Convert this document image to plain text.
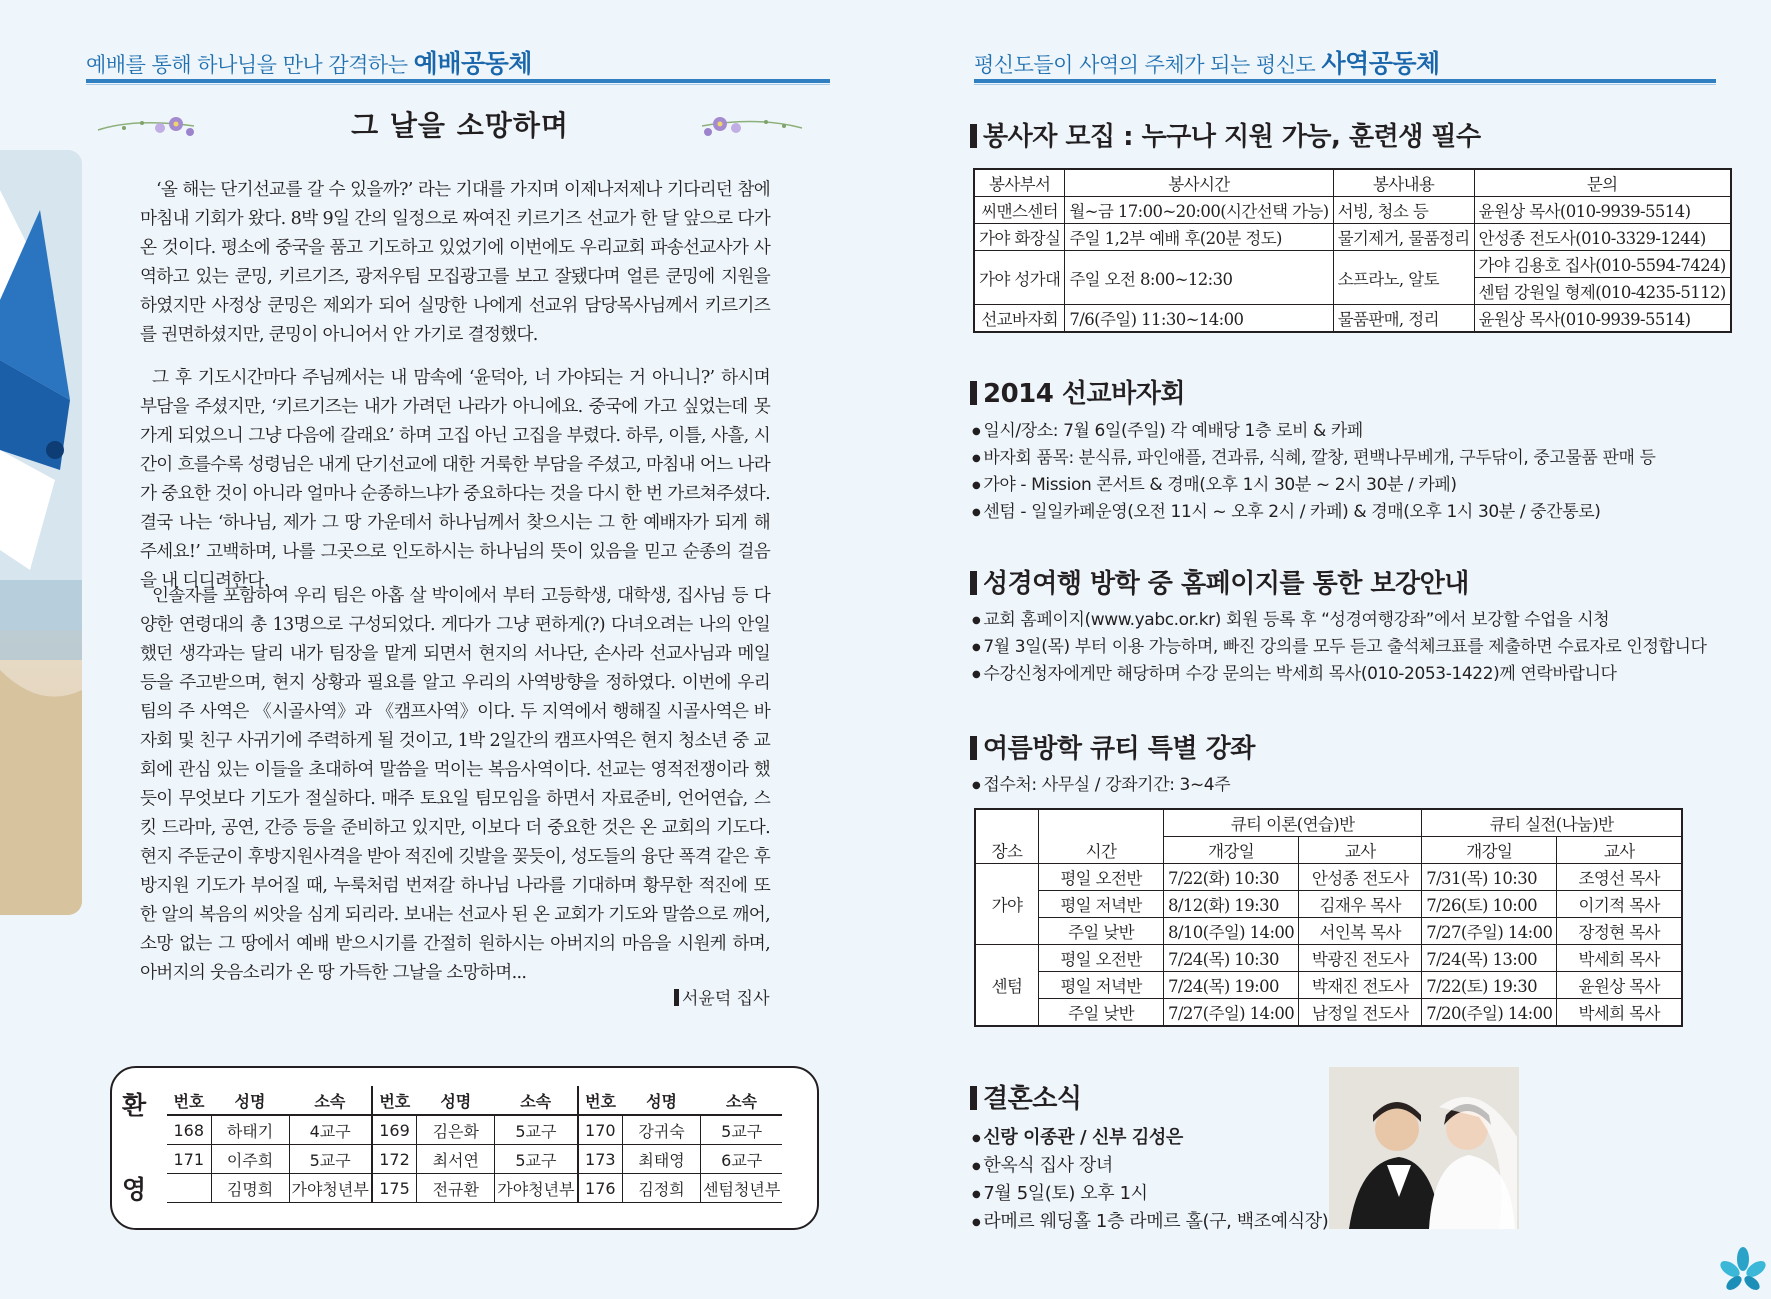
예배를 통해 하나님을 만나 감격하는 예배공동체	평신도들이 사역의 주체가 되는 평신도 사역공동체
그 날을 소망하며
‘올 해는 단기선교를 갈 수 있을까?’ 라는 기대를 가지며 이제나저제나 기다리던 참에 마침내 기회가 왔다. 8박 9일 간의 일정으로 짜여진 키르기즈 선교가 한 달 앞으로 다가온 것이다. 평소에 중국을 품고 기도하고 있었기에 이번에도 우리교회 파송선교사가 사역하고 있는 쿤밍, 키르기즈, 광저우팀 모집광고를 보고 잘됐다며 얼른 쿤밍에 지원을 하였지만 사정상 쿤밍은 제외가 되어 실망한 나에게 선교위 담당목사님께서 키르기즈를 권면하셨지만, 쿤밍이 아니어서 안 가기로 결정했다.
그 후 기도시간마다 주님께서는 내 맘속에 ‘윤덕아, 너 가야되는 거 아니니?’ 하시며 부담을 주셨지만, ‘키르기즈는 내가 가려던 나라가 아니에요. 중국에 가고 싶었는데 못 가게 되었으니 그냥 다음에 갈래요’ 하며 고집 아닌 고집을 부렸다. 하루, 이틀, 사흘, 시간이 흐를수록 성령님은 내게 단기선교에 대한 거룩한 부담을 주셨고, 마침내 어느 나라가 중요한 것이 아니라 얼마나 순종하느냐가 중요하다는 것을 다시 한 번 가르쳐주셨다. 결국 나는 ‘하나님, 제가 그 땅 가운데서 하나님께서 찾으시는 그 한 예배자가 되게 해 주세요!’ 고백하며, 나를 그곳으로 인도하시는 하나님의 뜻이 있음을 믿고 순종의 걸음을 내 디디려한다.
인솔자를 포함하여 우리 팀은 아홉 살 박이에서 부터 고등학생, 대학생, 집사님 등 다양한 연령대의 총 13명으로 구성되었다. 게다가 그냥 편하게(?) 다녀오려는 나의 안일했던 생각과는 달리 내가 팀장을 맡게 되면서 현지의 서나단, 손사라 선교사님과 메일 등을 주고받으며, 현지 상황과 필요를 알고 우리의 사역방향을 정하였다. 이번에 우리 팀의 주 사역은 《시골사역》과 《캠프사역》이다. 두 지역에서 행해질 시골사역은 바자회 및 친구 사귀기에 주력하게 될 것이고, 1박 2일간의 캠프사역은 현지 청소년 중 교회에 관심 있는 이들을 초대하여 말씀을 먹이는 복음사역이다. 선교는 영적전쟁이라 했듯이 무엇보다 기도가 절실하다. 매주 토요일 팀모임을 하면서 자료준비, 언어연습, 스킷 드라마, 공연, 간증 등을 준비하고 있지만, 이보다 더 중요한 것은 온 교회의 기도다. 현지 주둔군이 후방지원사격을 받아 적진에 깃발을 꽂듯이, 성도들의 융단 폭격 같은 후방지원 기도가 부어질 때, 누룩처럼 번져갈 하나님 나라를 기대하며 황무한 적진에 또 한 알의 복음의 씨앗을 심게 되리라. 보내는 선교사 된 온 교회가 기도와 말씀으로 깨어, 소망 없는 그 땅에서 예배 받으시기를 간절히 원하시는 아버지의 마음을 시원케 하며, 아버지의 웃음소리가 온 땅 가득한 그날을 소망하며...
서윤덕 집사
환
영
번호	성명	소속	번호	성명	소속	번호	성명	소속
168	하태기	4교구	169	김은화	5교구	170	강귀숙	5교구
171	이주희	5교구	172	최서연	5교구	173	최태영	6교구
	김명희	가야청년부	175	전규환	가야청년부	176	김정희	센텀청년부
봉사자 모집 : 누구나 지원 가능, 훈련생 필수
봉사부서	봉사시간	봉사내용	문의
씨맨스센터	월~금 17:00~20:00(시간선택 가능)	서빙, 청소 등	윤원상 목사(010-9939-5514)
가야 화장실	주일 1,2부 예배 후(20분 정도)	물기제거, 물품정리	안성종 전도사(010-3329-1244)
가야 성가대	주일 오전 8:00~12:30	소프라노, 알토	가야 김용호 집사(010-5594-7424)
			센텀 강원일 형제(010-4235-5112)
선교바자회	7/6(주일) 11:30~14:00	물품판매, 정리	윤원상 목사(010-9939-5514)
2014 선교바자회
● 일시/장소: 7월 6일(주일) 각 예배당 1층 로비 & 카페
● 바자회 품목: 분식류, 파인애플, 견과류, 식혜, 깔창, 편백나무베개, 구두닦이, 중고물품 판매 등
● 가야 - Mission 콘서트 & 경매(오후 1시 30분 ~ 2시 30분 / 카페)
● 센텀 - 일일카페운영(오전 11시 ~ 오후 2시 / 카페) & 경매(오후 1시 30분 / 중간통로)
성경여행 방학 중 홈페이지를 통한 보강안내
● 교회 홈페이지(www.yabc.or.kr) 회원 등록 후 “성경여행강좌”에서 보강할 수업을 시청
● 7월 3일(목) 부터 이용 가능하며, 빠진 강의를 모두 듣고 출석체크표를 제출하면 수료자로 인정합니다
● 수강신청자에게만 해당하며 수강 문의는 박세희 목사(010-2053-1422)께 연락바랍니다
여름방학 큐티 특별 강좌
● 접수처: 사무실 / 강좌기간: 3~4주
		큐티 이론(연습)반		큐티 실전(나눔)반	
장소	시간	개강일	교사	개강일	교사
가야	평일 오전반	7/22(화) 10:30	안성종 전도사	7/31(목) 10:30	조영선 목사
	평일 저녁반	8/12(화) 19:30	김재우 목사	7/26(토) 10:00	이기적 목사
	주일 낮반	8/10(주일) 14:00	서인복 목사	7/27(주일) 14:00	장정현 목사
센텀	평일 오전반	7/24(목) 10:30	박광진 전도사	7/24(목) 13:00	박세희 목사
	평일 저녁반	7/24(목) 19:00	박재진 전도사	7/22(토) 19:30	윤원상 목사
	주일 낮반	7/27(주일) 14:00	남정일 전도사	7/20(주일) 14:00	박세희 목사
결혼소식
● 신랑 이종관 / 신부 김성은
● 한옥식 집사 장녀
● 7월 5일(토) 오후 1시
● 라메르 웨딩홀 1층 라메르 홀(구, 백조예식장)
